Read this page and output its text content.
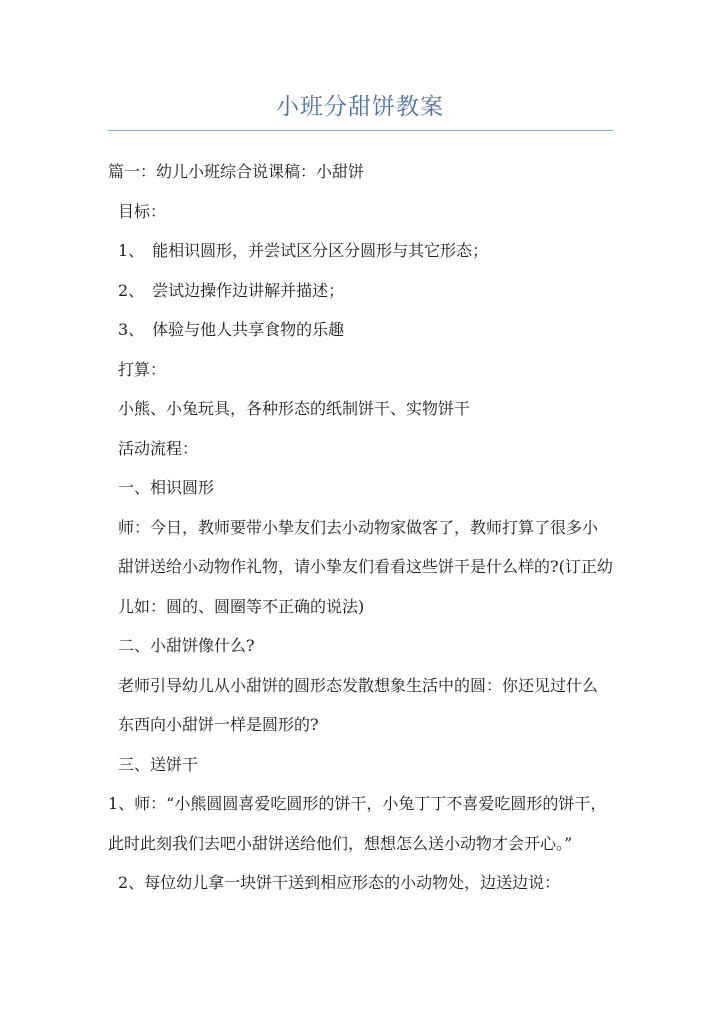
小班分甜饼教案

篇一：幼儿小班综合说课稿：小甜饼

目标：

1、　能相识圆形，并尝试区分区分圆形与其它形态；

2、　尝试边操作边讲解并描述；

3、　体验与他人共享食物的乐趣

打算：

小熊、小兔玩具，各种形态的纸制饼干、实物饼干

活动流程：

一、相识圆形

师：今日，教师要带小挚友们去小动物家做客了，教师打算了很多小甜饼送给小动物作礼物，请小挚友们看看这些饼干是什么样的?(订正幼儿如：圆的、圆圈等不正确的说法)

二、小甜饼像什么?

老师引导幼儿从小甜饼的圆形态发散想象生活中的圆：你还见过什么东西向小甜饼一样是圆形的?

三、送饼干

1、师：“小熊圆圆喜爱吃圆形的饼干，小兔丁丁不喜爱吃圆形的饼干，此时此刻我们去吧小甜饼送给他们，想想怎么送小动物才会开心。”

2、每位幼儿拿一块饼干送到相应形态的小动物处，边送边说：
